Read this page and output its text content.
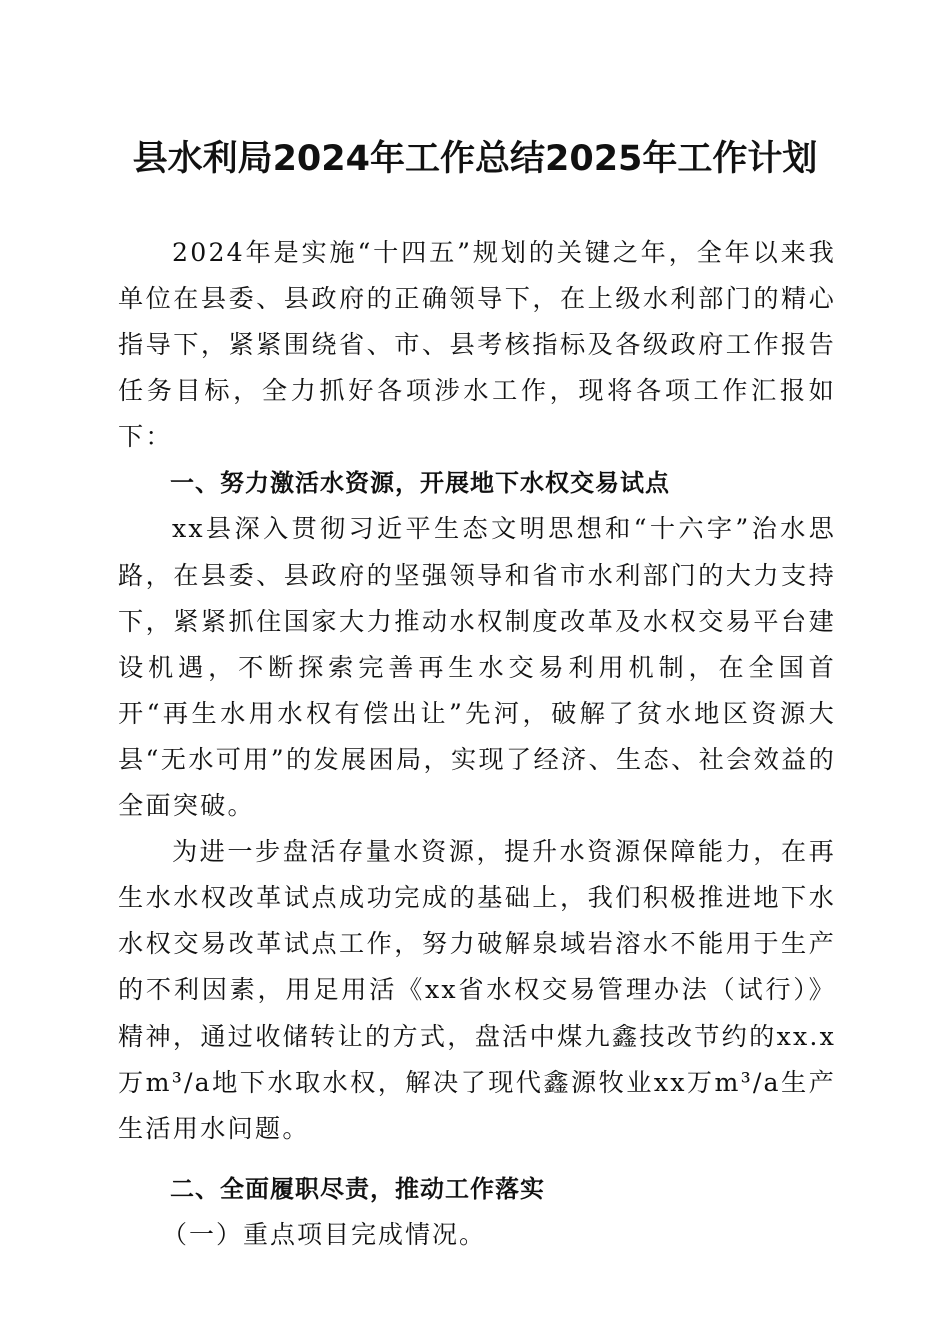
县水利局2024年工作总结2025年工作计划

2024年是实施“十四五”规划的关键之年，全年以来我单位在县委、县政府的正确领导下，在上级水利部门的精心指导下，紧紧围绕省、市、县考核指标及各级政府工作报告任务目标，全力抓好各项涉水工作，现将各项工作汇报如下：

一、努力激活水资源，开展地下水权交易试点

xx县深入贯彻习近平生态文明思想和“十六字”治水思路，在县委、县政府的坚强领导和省市水利部门的大力支持下，紧紧抓住国家大力推动水权制度改革及水权交易平台建设机遇，不断探索完善再生水交易利用机制，在全国首开“再生水用水权有偿出让”先河，破解了贫水地区资源大县“无水可用”的发展困局，实现了经济、生态、社会效益的全面突破。

为进一步盘活存量水资源，提升水资源保障能力，在再生水水权改革试点成功完成的基础上，我们积极推进地下水水权交易改革试点工作，努力破解泉域岩溶水不能用于生产的不利因素，用足用活《xx省水权交易管理办法（试行）》精神，通过收储转让的方式，盘活中煤九鑫技改节约的xx.x万m³/a地下水取水权，解决了现代鑫源牧业xx万m³/a生产生活用水问题。

二、全面履职尽责，推动工作落实

（一）重点项目完成情况。
